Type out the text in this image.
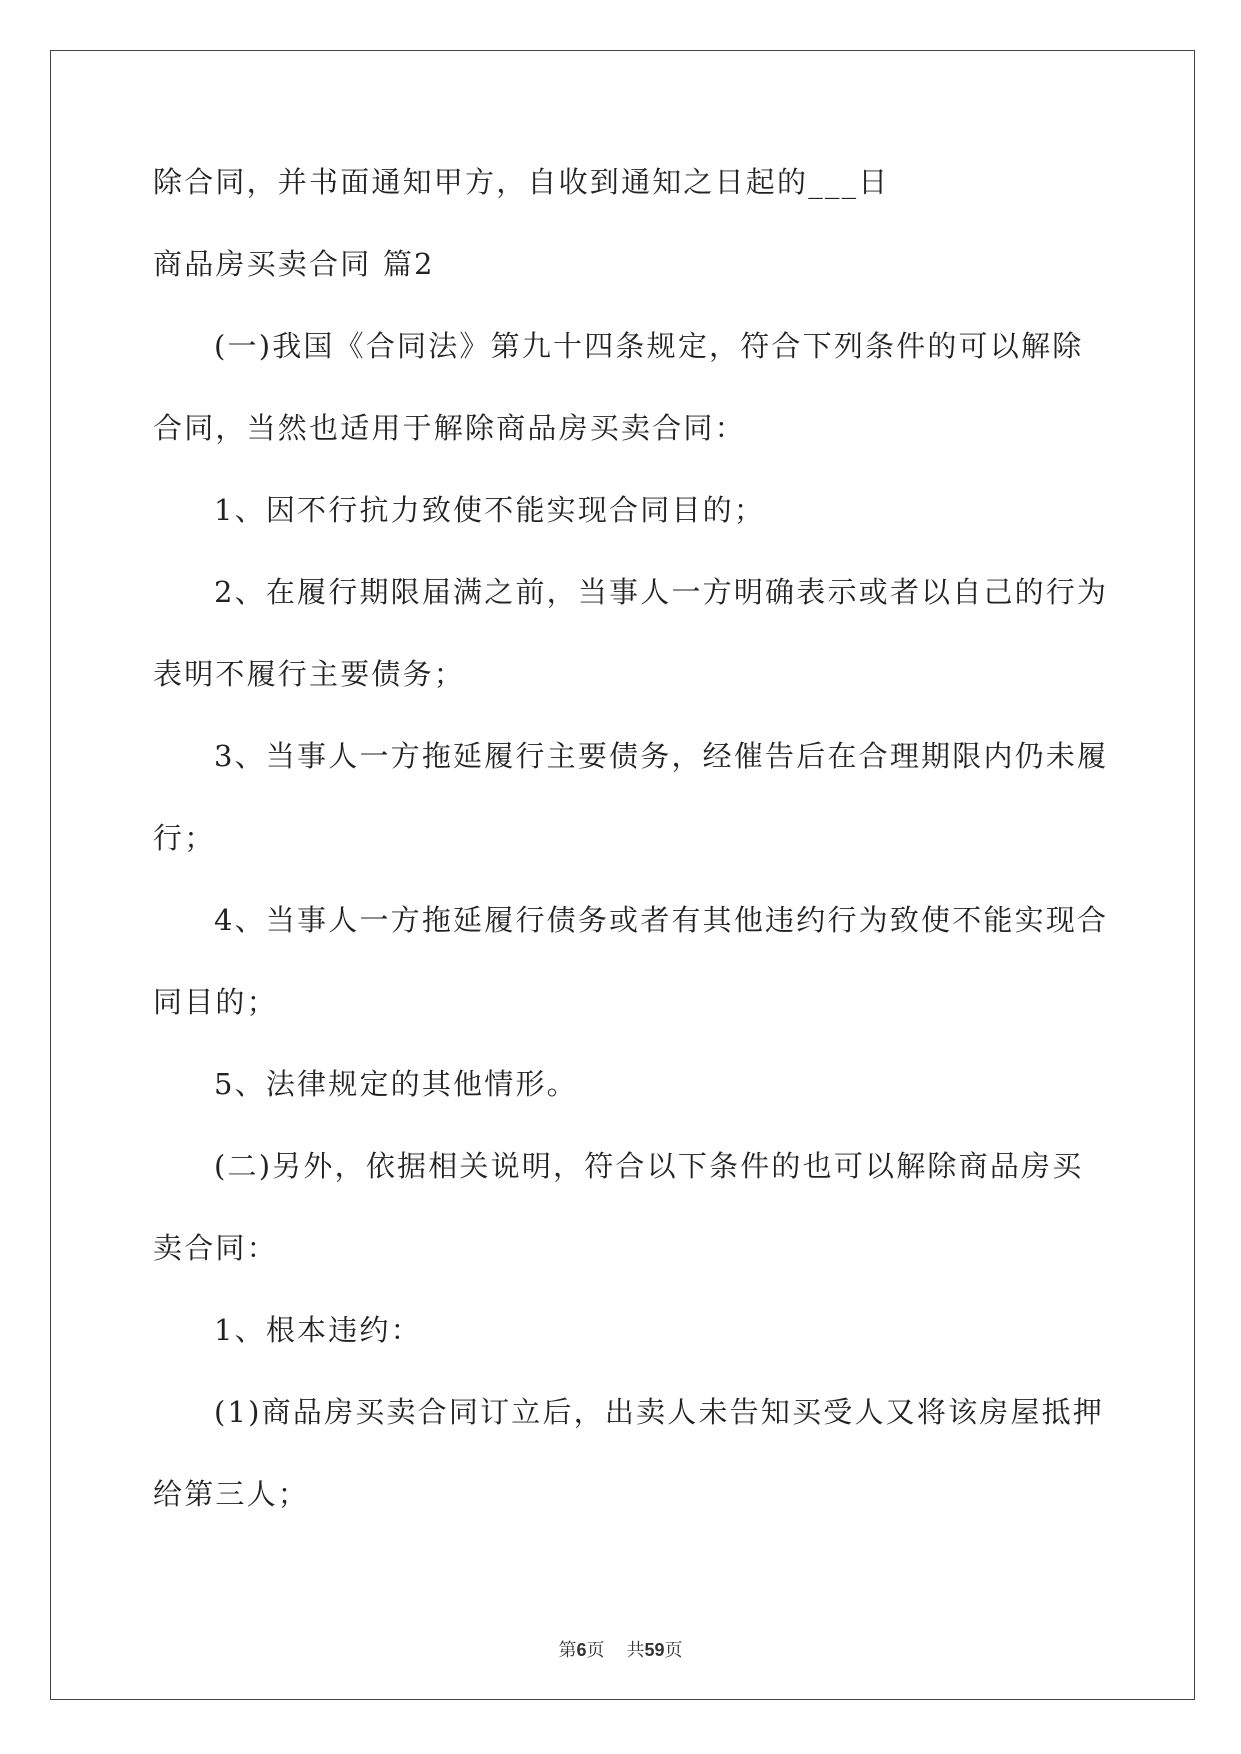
除合同，并书面通知甲方，自收到通知之日起的___日
商品房买卖合同 篇2
(一)我国《合同法》第九十四条规定，符合下列条件的可以解除
合同，当然也适用于解除商品房买卖合同：
1、因不行抗力致使不能实现合同目的；
2、在履行期限届满之前，当事人一方明确表示或者以自己的行为
表明不履行主要债务；
3、当事人一方拖延履行主要债务，经催告后在合理期限内仍未履
行；
4、当事人一方拖延履行债务或者有其他违约行为致使不能实现合
同目的；
5、法律规定的其他情形。
(二)另外，依据相关说明，符合以下条件的也可以解除商品房买
卖合同：
1、根本违约：
(1)商品房买卖合同订立后，出卖人未告知买受人又将该房屋抵押
给第三人；
第6页 共59页
